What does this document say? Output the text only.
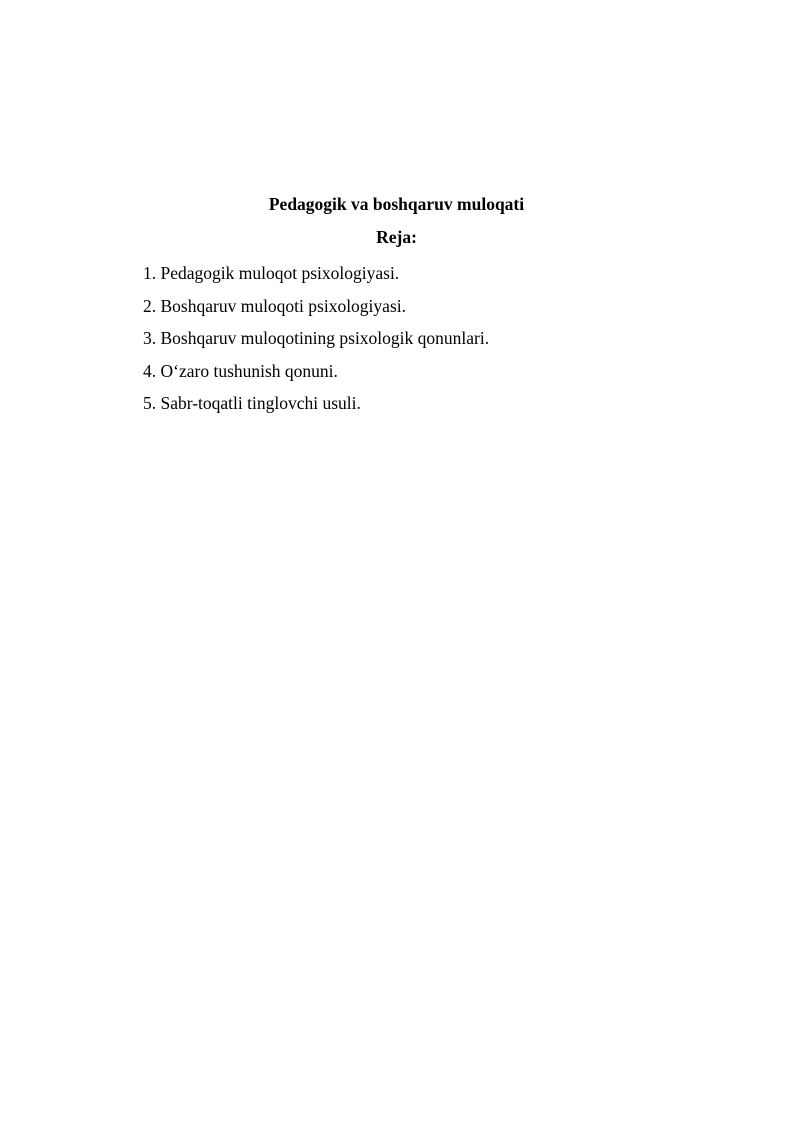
Pedagogik va boshqaruv muloqati
Reja:
1. Pedagogik muloqot psixologiyasi.
2. Boshqaruv muloqoti psixologiyasi.
3. Boshqaruv muloqotining psixologik qonunlari.
4. O‘zaro tushunish qonuni.
5. Sabr-toqatli tinglovchi usuli.
